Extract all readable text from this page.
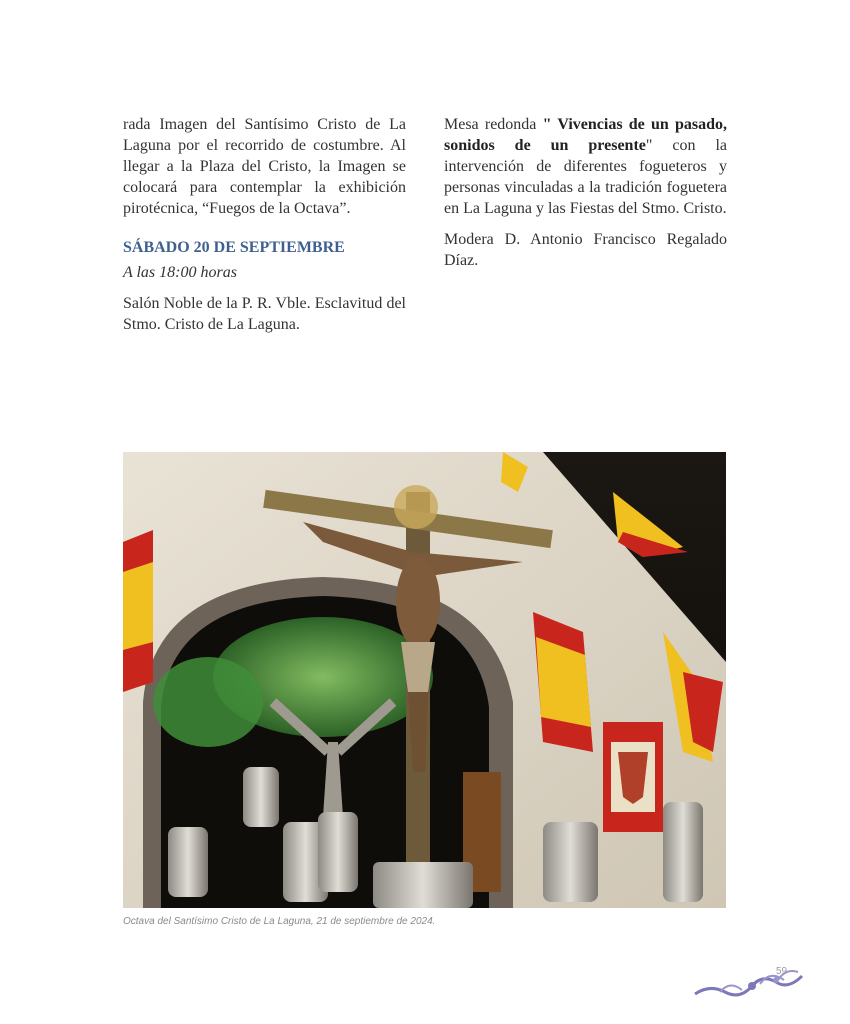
rada Imagen del Santísimo Cristo de La Laguna por el recorrido de costumbre. Al llegar a la Plaza del Cristo, la Imagen se colocará para contemplar la exhibición pirotécnica, “Fuegos de la Octava”.

SÁBADO 20 DE SEPTIEMBRE

A las 18:00 horas

Salón Noble de la P. R. Vble. Esclavitud del Stmo. Cristo de La Laguna.

Mesa redonda " Vivencias de un pasado, sonidos de un presente" con la intervención de diferentes fogueteros y personas vinculadas a la tradición foguetera en La Laguna y las Fiestas del Stmo. Cristo.

Modera D. Antonio Francisco Regalado Díaz.

Octava del Santísimo Cristo de La Laguna, 21 de septiembre de 2024.
59
